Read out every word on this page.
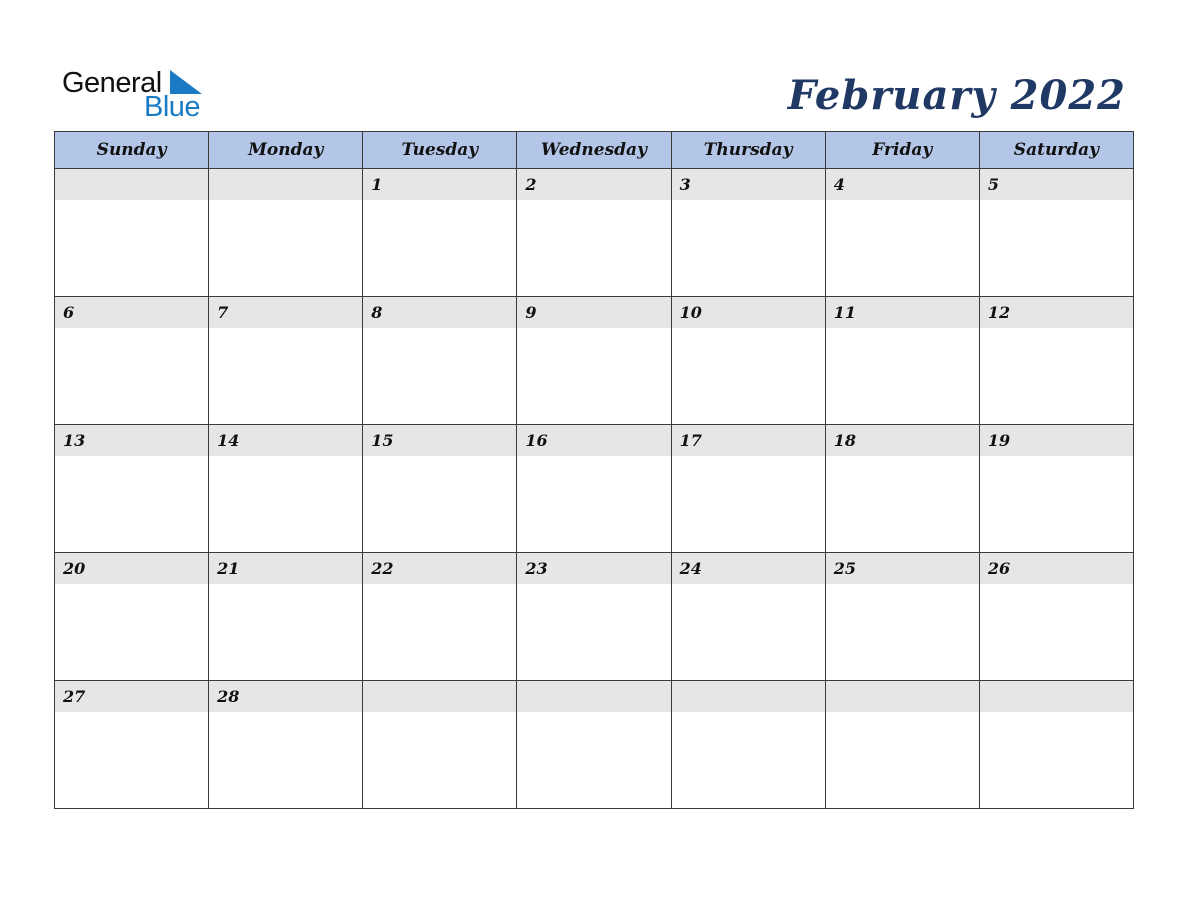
General
Blue	February 2022
Sunday	Monday	Tuesday	Wednesday	Thursday	Friday	Saturday

		1	2	3	4	5

6	7	8	9	10	11	12

13	14	15	16	17	18	19

20	21	22	23	24	25	26

27	28					
